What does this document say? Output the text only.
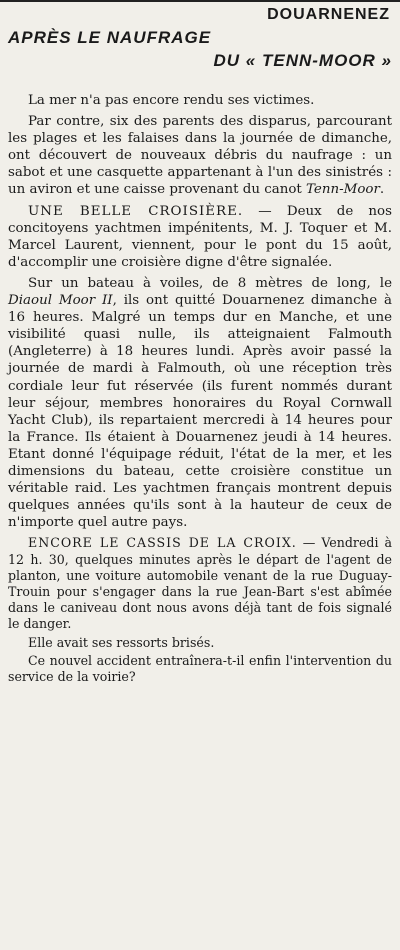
DOUARNENEZ
APRÈS LE NAUFRAGE
DU « TENN-MOOR »

La mer n'a pas encore rendu ses victimes.

Par contre, six des parents des disparus, parcourant les plages et les falaises dans la journée de dimanche, ont découvert de nouveaux débris du naufrage : un sabot et une casquette appartenant à l'un des sinistrés : un aviron et une caisse provenant du canot Tenn-Moor.

UNE BELLE CROISIÈRE. — Deux de nos concitoyens yachtmen impénitents, M. J. Toquer et M. Marcel Laurent, viennent, pour le pont du 15 août, d'accomplir une croisière digne d'être signalée.

Sur un bateau à voiles, de 8 mètres de long, le Diaoul Moor II, ils ont quitté Douarnenez dimanche à 16 heures. Malgré un temps dur en Manche, et une visibilité quasi nulle, ils atteignaient Falmouth (Angleterre) à 18 heures lundi. Après avoir passé la journée de mardi à Falmouth, où une réception très cordiale leur fut réservée (ils furent nommés durant leur séjour, membres honoraires du Royal Cornwall Yacht Club), ils repartaient mercredi à 14 heures pour la France. Ils étaient à Douarnenez jeudi à 14 heures. Etant donné l'équipage réduit, l'état de la mer, et les dimensions du bateau, cette croisière constitue un véritable raid. Les yachtmen français montrent depuis quelques années qu'ils sont à la hauteur de ceux de n'importe quel autre pays.

ENCORE LE CASSIS DE LA CROIX. — Vendredi à 12 h. 30, quelques minutes après le départ de l'agent de planton, une voiture automobile venant de la rue Duguay-Trouin pour s'engager dans la rue Jean-Bart s'est abîmée dans le caniveau dont nous avons déjà tant de fois signalé le danger.

Elle avait ses ressorts brisés.

Ce nouvel accident entraînera-t-il enfin l'intervention du service de la voirie?
